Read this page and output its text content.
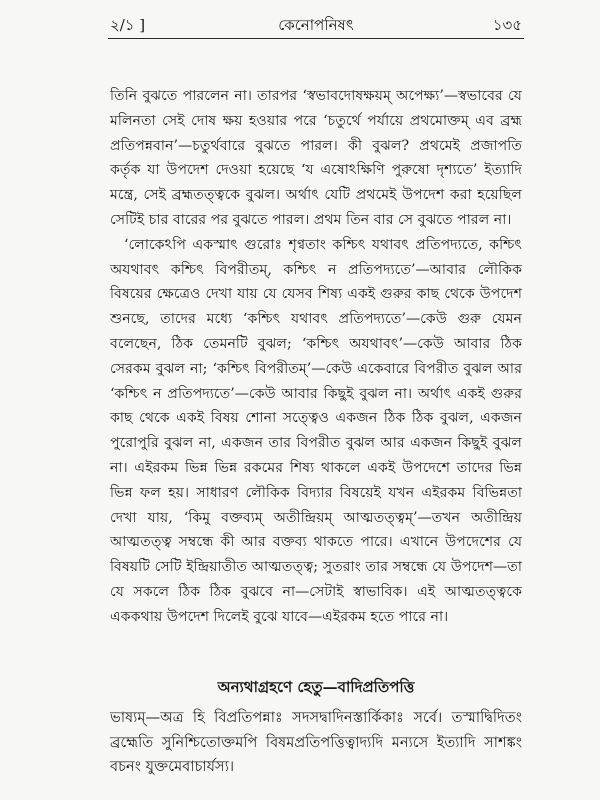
২/১ ]	কেনোপনিষৎ	১৩৫

তিনি বুঝতে পারলেন না। তারপর ‘স্বভাবদোষক্ষয়ম্ অপেক্ষ্য’—স্বভাবের যে মলিনতা সেই দোষ ক্ষয় হওয়ার পরে ‘চতুর্থে পর্যায়ে প্রথমোক্তম্ এব ব্রহ্ম প্রতিপন্নবান’—চতুর্থবারে বুঝতে পারল। কী বুঝল? প্রথমেই প্রজাপতি কর্তৃক যা উপদেশ দেওয়া হয়েছে ‘য এষোঽক্ষিণি পুরুষো দৃশ্যতে’ ইত্যাদি মন্ত্রে, সেই ব্রহ্মতত্ত্বকে বুঝল। অর্থাৎ যেটি প্রথমেই উপদেশ করা হয়েছিল সেটিই চার বারের পর বুঝতে পারল। প্রথম তিন বার সে বুঝতে পারল না।

‘লোকেঽপি একস্মাৎ গুরোঃ শৃণ্বতাং কশ্চিৎ যথাবৎ প্রতিপদ্যতে, কশ্চিৎ অযথাবৎ কশ্চিৎ বিপরীতম্, কশ্চিৎ ন প্রতিপদ্যতে’—আবার লৌকিক বিষয়ের ক্ষেত্রেও দেখা যায় যে যেসব শিষ্য একই গুরুর কাছ থেকে উপদেশ শুনছে, তাদের মধ্যে ‘কশ্চিৎ যথাবৎ প্রতিপদ্যতে’—কেউ গুরু যেমন বলেছেন, ঠিক তেমনটি বুঝল; ‘কশ্চিৎ অযথাবৎ’—কেউ আবার ঠিক সেরকম বুঝল না; ‘কশ্চিৎ বিপরীতম্’—কেউ একেবারে বিপরীত বুঝল আর ‘কশ্চিৎ ন প্রতিপদ্যতে’—কেউ আবার কিছুই বুঝল না। অর্থাৎ একই গুরুর কাছ থেকে একই বিষয় শোনা সত্ত্বেও একজন ঠিক ঠিক বুঝল, একজন পুরোপুরি বুঝল না, একজন তার বিপরীত বুঝল আর একজন কিছুই বুঝল না। এইরকম ভিন্ন ভিন্ন রকমের শিষ্য থাকলে একই উপদেশে তাদের ভিন্ন ভিন্ন ফল হয়। সাধারণ লৌকিক বিদ্যার বিষয়েই যখন এইরকম বিভিন্নতা দেখা যায়, ‘কিমু বক্তব্যম্ অতীন্দ্রিয়ম্ আত্মতত্ত্বম্’—তখন অতীন্দ্রিয় আত্মতত্ত্ব সম্বন্ধে কী আর বক্তব্য থাকতে পারে। এখানে উপদেশের যে বিষয়টি সেটি ইন্দ্রিয়াতীত আত্মতত্ত্ব; সুতরাং তার সম্বন্ধে যে উপদেশ—তা যে সকলে ঠিক ঠিক বুঝবে না—সেটাই স্বাভাবিক। এই আত্মতত্ত্বকে এককথায় উপদেশ দিলেই বুঝে যাবে—এইরকম হতে পারে না।

অন্যথাগ্রহণে হেতু—বাদিপ্রতিপত্তি

ভাষ্যম্—অত্র হি বিপ্রতিপন্নাঃ সদসদ্বাদিনস্তার্কিকাঃ সর্বে। তস্মাদ্বিদিতং ব্রহ্মেতি সুনিশ্চিতোক্তমপি বিষমপ্রতিপত্তিত্বাদ্যদি মন্যসে ইত্যাদি সাশঙ্কং বচনং যুক্তমেবাচার্যস্য।
